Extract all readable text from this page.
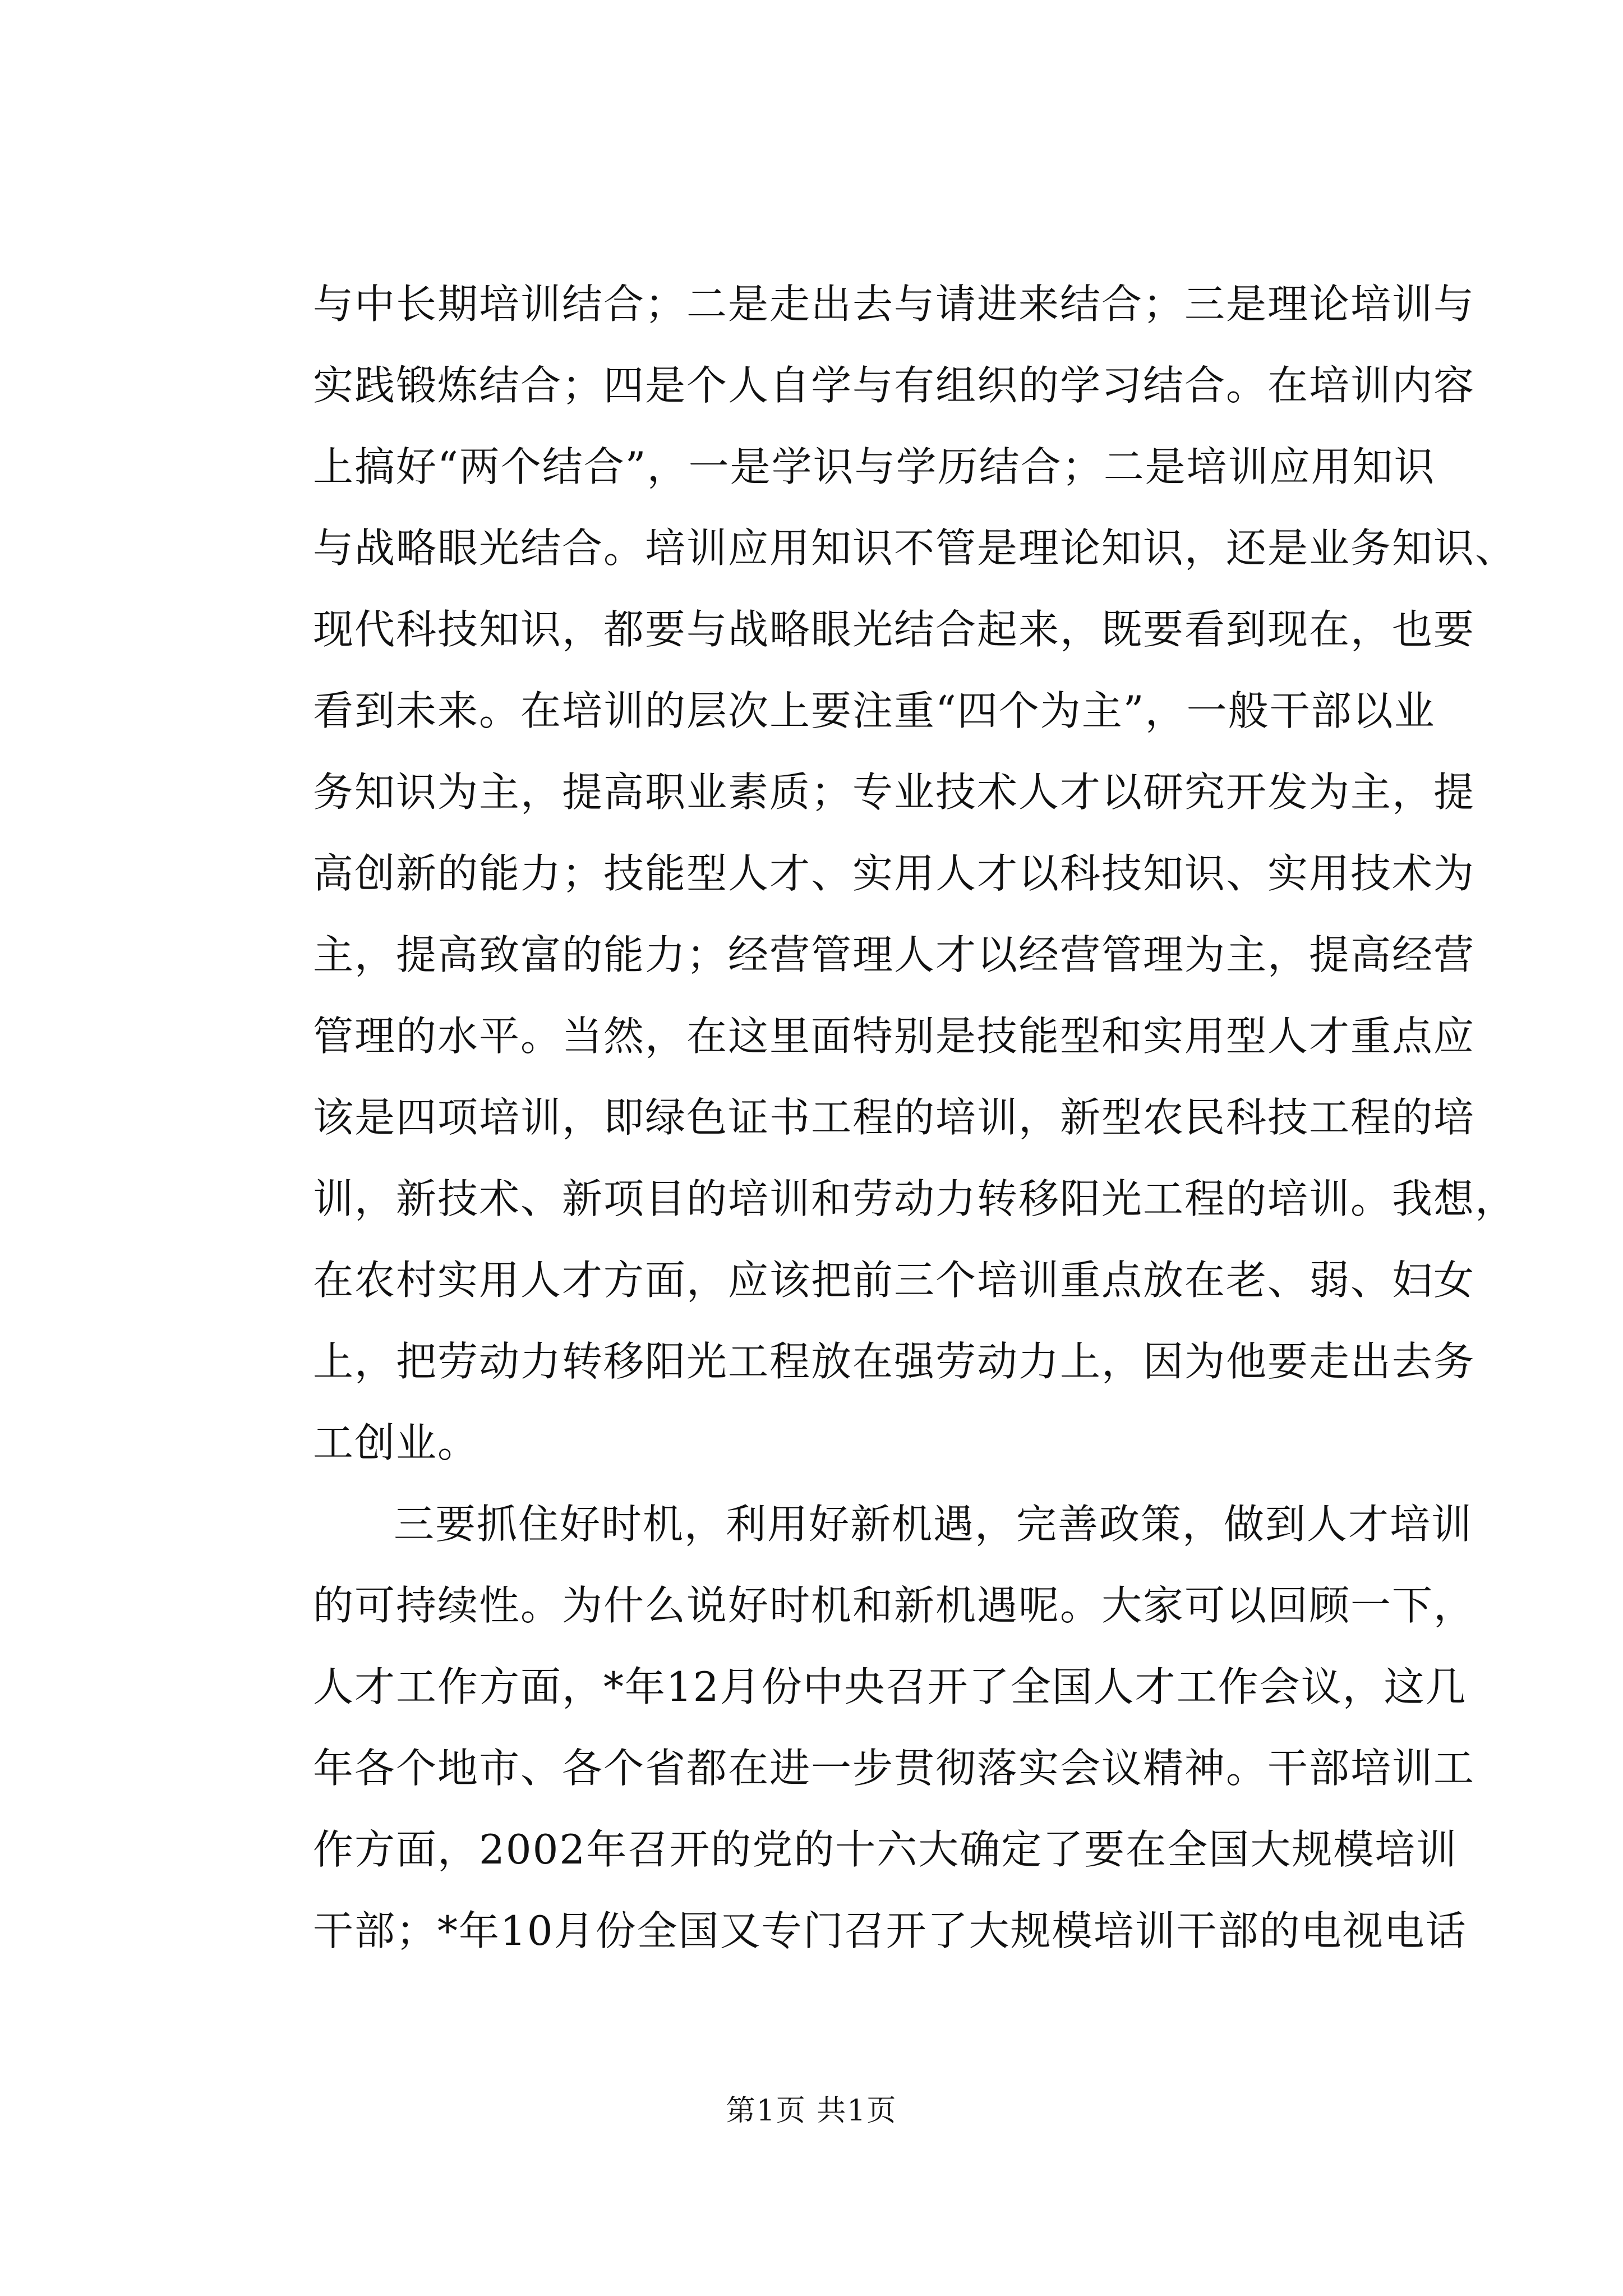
与中长期培训结合；二是走出去与请进来结合；三是理论培训与
实践锻炼结合；四是个人自学与有组织的学习结合。在培训内容
上搞好“两个结合”，一是学识与学历结合；二是培训应用知识
与战略眼光结合。培训应用知识不管是理论知识，还是业务知识、
现代科技知识，都要与战略眼光结合起来，既要看到现在，也要
看到未来。在培训的层次上要注重“四个为主”，一般干部以业
务知识为主，提高职业素质；专业技术人才以研究开发为主，提
高创新的能力；技能型人才、实用人才以科技知识、实用技术为
主，提高致富的能力；经营管理人才以经营管理为主，提高经营
管理的水平。当然，在这里面特别是技能型和实用型人才重点应
该是四项培训，即绿色证书工程的培训，新型农民科技工程的培
训，新技术、新项目的培训和劳动力转移阳光工程的培训。我想，
在农村实用人才方面，应该把前三个培训重点放在老、弱、妇女
上，把劳动力转移阳光工程放在强劳动力上，因为他要走出去务
工创业。
三要抓住好时机，利用好新机遇，完善政策，做到人才培训
的可持续性。为什么说好时机和新机遇呢。大家可以回顾一下，
人才工作方面，*年12月份中央召开了全国人才工作会议，这几
年各个地市、各个省都在进一步贯彻落实会议精神。干部培训工
作方面，2002年召开的党的十六大确定了要在全国大规模培训
干部；*年10月份全国又专门召开了大规模培训干部的电视电话
第1页 共1页
